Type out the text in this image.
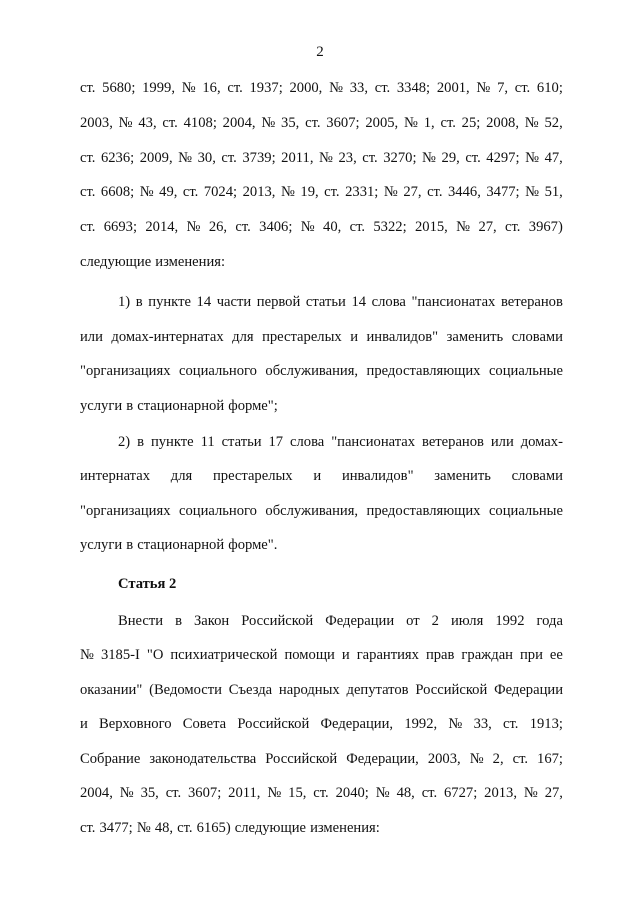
2
ст. 5680; 1999, № 16, ст. 1937; 2000, № 33, ст. 3348; 2001, № 7, ст. 610;
2003, № 43, ст. 4108; 2004, № 35, ст. 3607; 2005, № 1, ст. 25; 2008, № 52,
ст. 6236; 2009, № 30, ст. 3739; 2011, № 23, ст. 3270; № 29, ст. 4297; № 47,
ст. 6608; № 49, ст. 7024; 2013, № 19, ст. 2331; № 27, ст. 3446, 3477; № 51,
ст. 6693; 2014, № 26, ст. 3406; № 40, ст. 5322; 2015, № 27, ст. 3967)
следующие изменения:
1) в пункте 14 части первой статьи 14 слова "пансионатах ветеранов
или домах-интернатах для престарелых и инвалидов" заменить словами
"организациях социального обслуживания, предоставляющих социальные
услуги в стационарной форме";
2) в пункте 11 статьи 17 слова "пансионатах ветеранов или домах-
интернатах для престарелых и инвалидов" заменить словами
"организациях социального обслуживания, предоставляющих социальные
услуги в стационарной форме".
Статья 2
Внести в Закон Российской Федерации от 2 июля 1992 года
№ 3185-I "О психиатрической помощи и гарантиях прав граждан при ее
оказании" (Ведомости Съезда народных депутатов Российской Федерации
и Верховного Совета Российской Федерации, 1992, № 33, ст. 1913;
Собрание законодательства Российской Федерации, 2003, № 2, ст. 167;
2004, № 35, ст. 3607; 2011, № 15, ст. 2040; № 48, ст. 6727; 2013, № 27,
ст. 3477; № 48, ст. 6165) следующие изменения:
